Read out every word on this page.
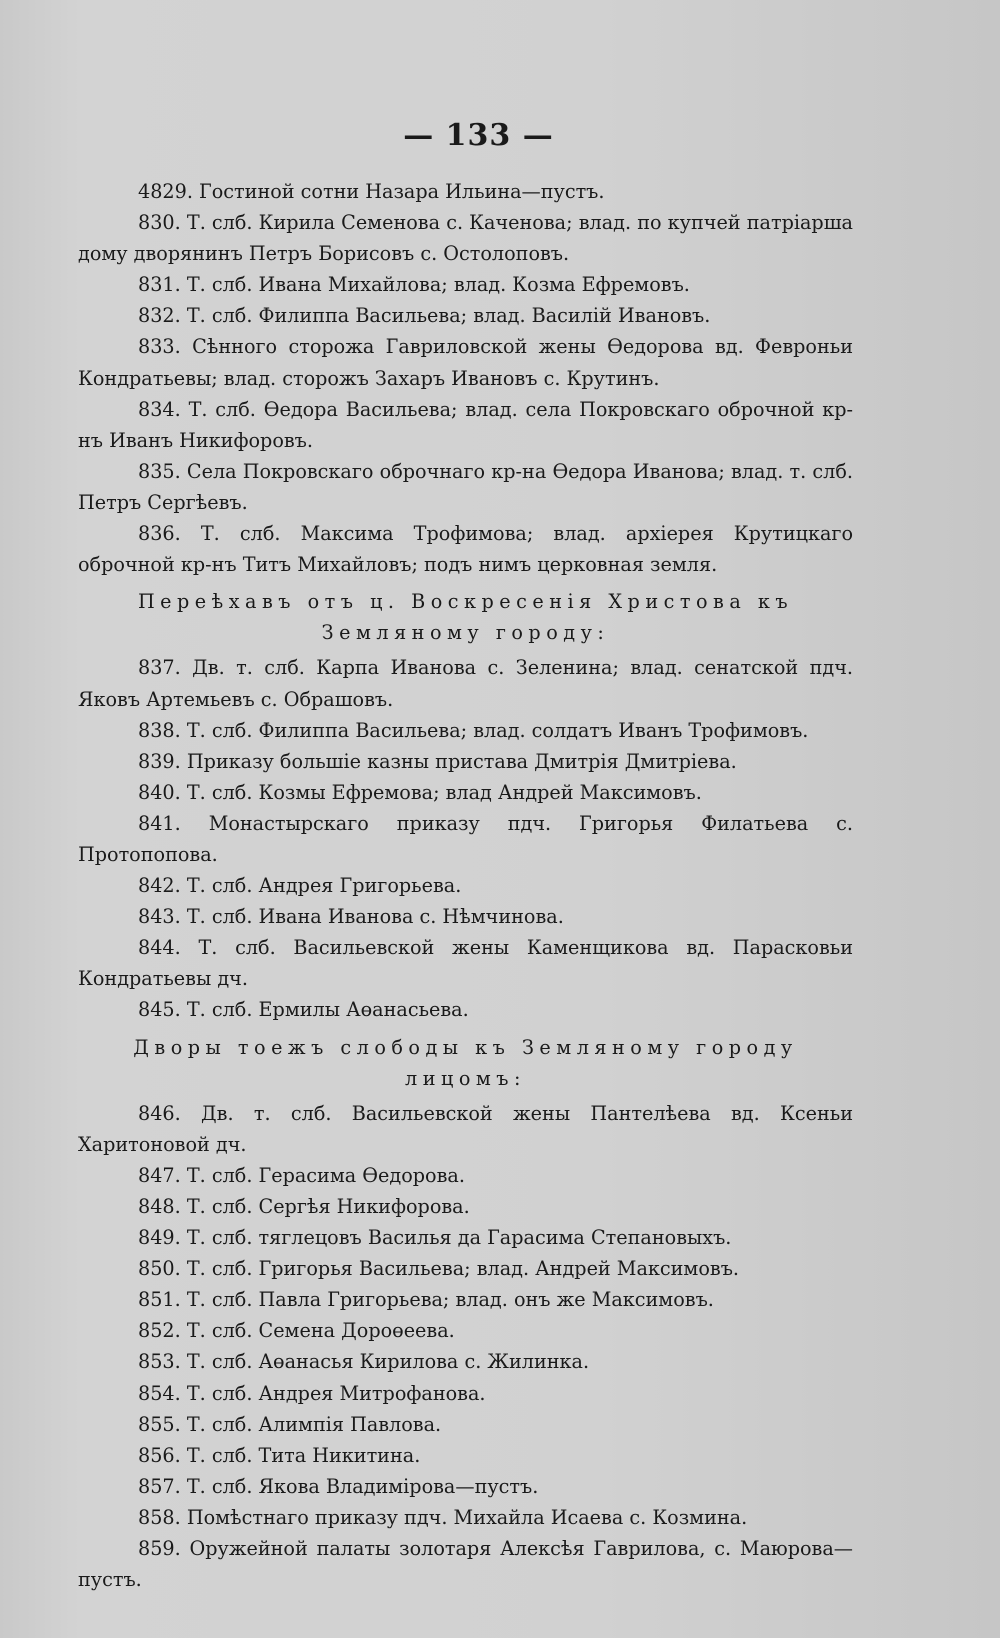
— 133 —

4829. Гостиной сотни Назара Ильина—пустъ.

830. Т. слб. Кирила Семенова с. Каченова; влад. по купчей патріарша дому дворянинъ Петръ Борисовъ с. Остолоповъ.

831. Т. слб. Ивана Михайлова; влад. Козма Ефремовъ.

832. Т. слб. Филиппа Васильева; влад. Василій Ивановъ.

833. Сѣнного сторожа Гавриловской жены Өедорова вд. Февроньи Кондратьевы; влад. сторожъ Захаръ Ивановъ с. Крутинъ.

834. Т. слб. Өедора Васильева; влад. села Покровскаго оброчной кр-нъ Иванъ Никифоровъ.

835. Села Покровскаго оброчнаго кр-на Өедора Иванова; влад. т. слб. Петръ Сергѣевъ.

836. Т. слб. Максима Трофимова; влад. архіерея Крутицкаго оброчной кр-нъ Титъ Михайловъ; подъ нимъ церковная земля.

Переѣхавъ отъ ц. Воскресенія Христова къ Земляному городу:

837. Дв. т. слб. Карпа Иванова с. Зеленина; влад. сенатской пдч. Яковъ Артемьевъ с. Обрашовъ.

838. Т. слб. Филиппа Васильева; влад. солдатъ Иванъ Трофимовъ.

839. Приказу большіе казны пристава Дмитрія Дмитріева.

840. Т. слб. Козмы Ефремова; влад Андрей Максимовъ.

841. Монастырскаго приказу пдч. Григорья Филатьева с. Протопопова.

842. Т. слб. Андрея Григорьева.

843. Т. слб. Ивана Иванова с. Нѣмчинова.

844. Т. слб. Васильевской жены Каменщикова вд. Парасковьи Кондратьевы дч.

845. Т. слб. Ермилы Аөанасьева.

Дворы тоежъ слободы къ Земляному городу лицомъ:

846. Дв. т. слб. Васильевской жены Пантелѣева вд. Ксеньи Харитоновой дч.

847. Т. слб. Герасима Өедорова.

848. Т. слб. Сергѣя Никифорова.

849. Т. слб. тяглецовъ Василья да Гарасима Степановыхъ.

850. Т. слб. Григорья Васильева; влад. Андрей Максимовъ.

851. Т. слб. Павла Григорьева; влад. онъ же Максимовъ.

852. Т. слб. Семена Дороөеева.

853. Т. слб. Аөанасья Кирилова с. Жилинка.

854. Т. слб. Андрея Митрофанова.

855. Т. слб. Алимпія Павлова.

856. Т. слб. Тита Никитина.

857. Т. слб. Якова Владимірова—пустъ.

858. Помѣстнаго приказу пдч. Михайла Исаева с. Козмина.

859. Оружейной палаты золотаря Алексѣя Гаврилова, с. Маюрова—пустъ.
